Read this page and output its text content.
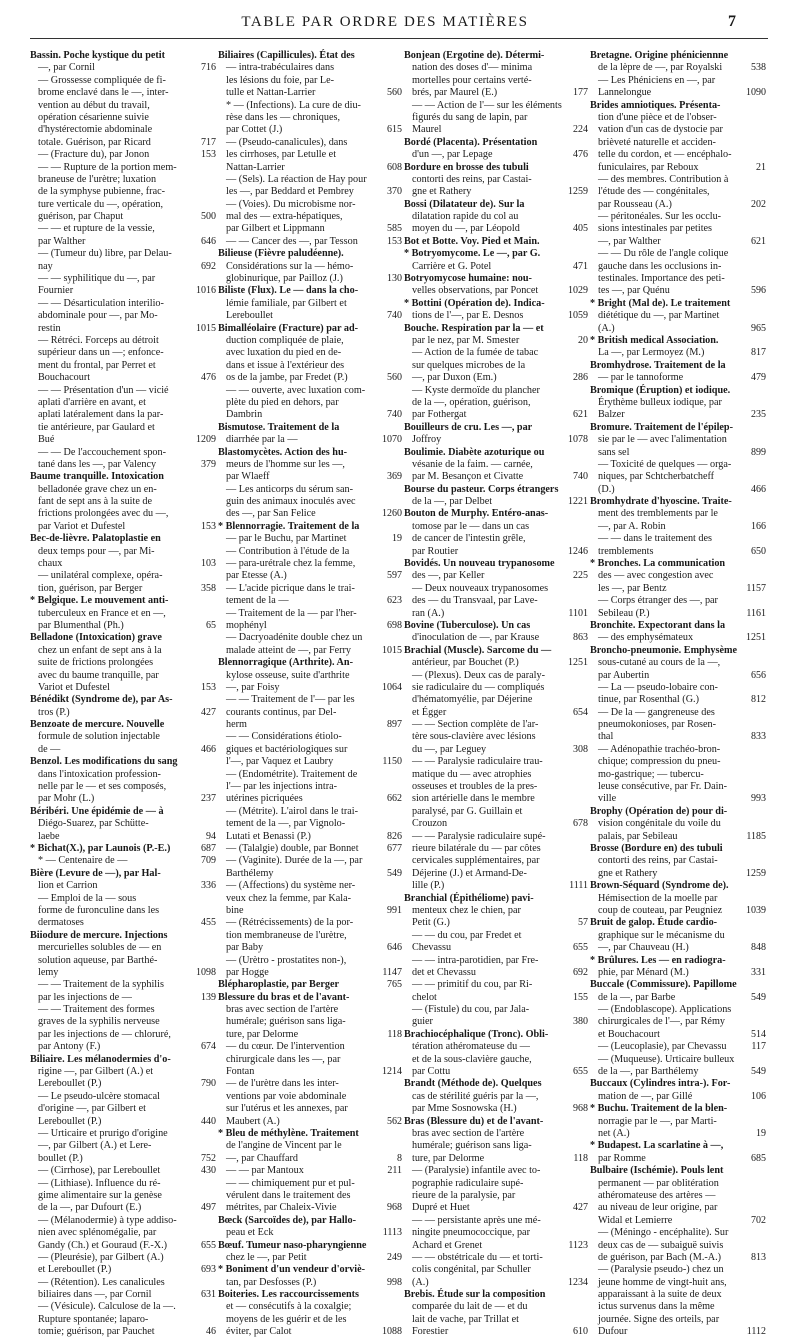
TABLE PAR ORDRE DES MATIÈRES	7
Bassin. Poche kystique du petit
—, par Cornil	716
— Grossesse compliquée de fi-
brome enclavé dans le —, inter-
vention au début du travail,
opération césarienne suivie
d'hystérectomie abdominale
totale. Guérison, par Ricard	717
— (Fracture du), par Jonon	153
— — Rupture de la portion mem-
braneuse de l'urètre; luxation
de la symphyse pubienne, frac-
ture verticale du —, opération,
guérison, par Chaput	500
— — et rupture de la vessie,
par Walther	646
— (Tumeur du) libre, par Delau-
nay	692
— — syphilitique du —, par
Fournier	1016
— — Désarticulation interilio-
abdominale pour —, par Mo-
restin	1015
— Rétréci. Forceps au détroit
supérieur dans un —; enfonce-
ment du frontal, par Perret et
Bouchacourt	476
— — Présentation d'un — vicié
aplati d'arrière en avant, et
aplati latéralement dans la par-
tie antérieure, par Gaulard et
Bué	1209
— — De l'accouchement spon-
tané dans les —, par Valency	379
Baume tranquille. Intoxication
belladonée grave chez un en-
fant de sept ans à la suite de
frictions prolongées avec du —,
par Variot et Dufestel	153
Bec-de-lièvre. Palatoplastie en
deux temps pour —, par Mi-
chaux	103
— unilatéral complexe, opéra-
tion, guérison, par Berger	358
* Belgique. Le mouvement anti-
tuberculeux en France et en —,
par Blumenthal (Ph.)	65
Belladone (Intoxication) grave
chez un enfant de sept ans à la
suite de frictions prolongées
avec du baume tranquille, par
Variot et Dufestel	153
Bénédikt (Syndrome de), par As-
tros (P.)	427
Benzoate de mercure. Nouvelle
formule de solution injectable
de —	466
Benzol. Les modifications du sang
dans l'intoxication profession-
nelle par le — et ses composés,
par Mohr (L.)	237
Béribéri. Une épidémie de — à
Diégo-Suarez, par Schütte-
laebe	94
* Bichat(X.), par Launois (P.-E.)	687
* — Centenaire de —	709
Bière (Levure de —), par Hal-
lion et Carrion	336
— Emploi de la — sous
forme de furonculine dans les
dermatoses	455
Biiodure de mercure. Injections
mercurielles solubles de — en
solution aqueuse, par Barthé-
lemy	1098
— — Traitement de la syphilis
par les injections de —	139
— — Traitement des formes
graves de la syphilis nerveuse
par les injections de — chloruré,
par Antony (F.)	674
Biliaire. Les mélanodermies d'o-
rigine —, par Gilbert (A.) et
Lereboullet (P.)	790
— Le pseudo-ulcère stomacal
d'origine —, par Gilbert et
Lereboullet (P.)	440
— Urticaire et prurigo d'origine
—, par Gilbert (A.) et Lere-
boullet (P.)	752
— (Cirrhose), par Lereboullet	430
— (Lithiase). Influence du ré-
gime alimentaire sur la genèse
de la —, par Dufourt (E.)	497
— (Mélanodermie) à type addiso-
nien avec splénomégalie, par
Gandy (Ch.) et Gouraud (F.-X.)	655
— (Pleurésie), par Gilbert (A.)
et Lereboullet (P.)	693
— (Rétention). Les canalicules
biliaires dans —, par Cornil	631
— (Vésicule). Calculose de la —.
Rupture spontanée; laparo-
tomie; guérison, par Pauchet	46
Biliaires (Capillicules). État des
— intra-trabéculaires dans
les lésions du foie, par Le-
tulle et Nattan-Larrier	560
* — (Infections). La cure de diu-
rèse dans les — chroniques,
par Cottet (J.)	615
— (Pseudo-canalicules), dans
les cirrhoses, par Letulle et
Nattan-Larrier	608
— (Sels). La réaction de Hay pour
les —, par Beddard et Pembrey	370
— (Voies). Du microbisme nor-
mal des — extra-hépatiques,
par Gilbert et Lippmann	585
— — Cancer des —, par Tesson	153
Bilieuse (Fièvre paludéenne).
Considérations sur la — hémo-
globinurique, par Pailloz (J.)	130
Biliste (Flux). Le — dans la cho-
lémie familiale, par Gilbert et
Lereboullet	740
Bimalléolaire (Fracture) par ad-
duction compliquée de plaie,
avec luxation du pied en de-
dans et issue à l'extérieur des
os de la jambe, par Fredet (P.)	560
— — ouverte, avec luxation com-
plète du pied en dehors, par
Dambrin	740
Bismutose. Traitement de la
diarrhée par la —	1070
Blastomycètes. Action des hu-
meurs de l'homme sur les —,
par Wlaeff	369
— Les anticorps du sérum san-
guin des animaux inoculés avec
des —, par San Felice	1260
* Blennorragie. Traitement de la
— par le Buchu, par Martinet	19
— Contribution à l'étude de la
— para-urétrale chez la femme,
par Etesse (A.)	597
— L'acide picrique dans le trai-
tement de la —	623
— Traitement de la — par l'her-
mophényl	698
— Dacryoadénite double chez un
malade atteint de —, par Ferry	1015
Blennorragique (Arthrite). An-
kylose osseuse, suite d'arthrite
—, par Foisy	1064
— — Traitement de l'— par les
courants continus, par Del-
herm	897
— — Considérations étiolo-
giques et bactériologiques sur
l'—, par Vaquez et Laubry	1150
— (Endométrite). Traitement de
l'— par les injections intra-
utérines picriquées	662
— (Métrite). L'airol dans le trai-
tement de la —, par Vignolo-
Lutati et Benassi (P.)	826
— (Talalgie) double, par Bonnet	677
— (Vaginite). Durée de la —, par
Barthélemy	549
— (Affections) du système ner-
veux chez la femme, par Kala-
bine	991
— (Rétrécissements) de la por-
tion membraneuse de l'urètre,
par Baby	646
— (Urètro - prostatites non-),
par Hogge	1147
Blépharoplastie, par Berger	765
Blessure du bras et de l'avant-
bras avec section de l'artère
humérale; guérison sans liga-
ture, par Delorme	118
— du cœur. De l'intervention
chirurgicale dans les —, par
Fontan	1214
— de l'urètre dans les inter-
ventions par voie abdominale
sur l'utérus et les annexes, par
Maubert (A.)	562
* Bleu de méthylène. Traitement
de l'angine de Vincent par le
—, par Chauffard	8
— — par Mantoux	211
— — chimiquement pur et pul-
vérulent dans le traitement des
métrites, par Chaleix-Vivie	968
Bœck (Sarcoïdes de), par Hallo-
peau et Eck	1113
Bœuf. Tumeur naso-pharyngienne
chez le —, par Petit	249
* Boniment d'un vendeur d'orviè-
tan, par Desfosses (P.)	998
Boiteries. Les raccourcissements
et — consécutifs à la coxalgie;
moyens de les guérir et de les
éviter, par Calot	1088
Bonjean (Ergotine de). Détermi-
nation des doses d'— minima
mortelles pour certains verté-
brés, par Maurel (E.)	177
— — Action de l'— sur les éléments
figurés du sang de lapin, par
Maurel	224
Bordé (Placenta). Présentation
d'un —, par Lepage	476
Bordure en brosse des tubuli
contorti des reins, par Castai-
gne et Rathery	1259
Bossi (Dilatateur de). Sur la
dilatation rapide du col au
moyen du —, par Léopold	405
Bot et Botte. Voy. Pied et Main.
* Botryomycome. Le —, par G.
Carrière et G. Potel	471
Botryomycose humaine: nou-
velles observations, par Poncet	1029
* Bottini (Opération de). Indica-
tions de l'—, par E. Desnos	1059
Bouche. Respiration par la — et
par le nez, par M. Smester	20
— Action de la fumée de tabac
sur quelques microbes de la
—, par Duxon (Em.)	286
— Kyste dermoïde du plancher
de la —, opération, guérison,
par Fothergat	621
Bouilleurs de cru. Les —, par
Joffroy	1078
Boulimie. Diabète azoturique ou
vésanie de la faim. — carnée,
par M. Besançon et Civatte	740
Bourse du pasteur. Corps étrangers
de la —, par Delbet	1221
Bouton de Murphy. Entéro-anas-
tomose par le — dans un cas
de cancer de l'intestin grêle,
par Routier	1246
Bovidés. Un nouveau trypanosome
des —, par Keller	225
— Deux nouveaux trypanosomes
des — du Transvaal, par Lave-
ran (A.)	1101
Bovine (Tuberculose). Un cas
d'inoculation de —, par Krause	863
Brachial (Muscle). Sarcome du —
antérieur, par Bouchet (P.)	1251
— (Plexus). Deux cas de paraly-
sie radiculaire du — compliqués
d'hématomyélie, par Déjerine
et Égger	654
— — Section complète de l'ar-
tère sous-clavière avec lésions
du —, par Leguey	308
— — Paralysie radiculaire trau-
matique du — avec atrophies
osseuses et troubles de la pres-
sion artérielle dans le membre
paralysé, par G. Guillain et
Crouzon	678
— — Paralysie radiculaire supé-
rieure bilatérale du — par côtes
cervicales supplémentaires, par
Déjerine (J.) et Armand-De-
lille (P.)	1111
Branchial (Épithéliome) pavi-
menteux chez le chien, par
Petit (G.)	57
— — du cou, par Fredet et
Chevassu	655
— — intra-parotidien, par Fre-
det et Chevassu	692
— — primitif du cou, par Ri-
chelot	155
— (Fistule) du cou, par Jala-
guier	380
Brachiocéphalique (Tronc). Obli-
tération athéromateuse du —
et de la sous-clavière gauche,
par Cottu	655
Brandt (Méthode de). Quelques
cas de stérilité guéris par la —,
par Mme Sosnowska (H.)	968
Bras (Blessure du) et de l'avant-
bras avec section de l'artère
humérale; guérison sans liga-
ture, par Delorme	118
— (Paralysie) infantile avec to-
pographie radiculaire supé-
rieure de la paralysie, par
Dupré et Huet	427
— — persistante après une mé-
ningite pneumococcique, par
Achard et Grenet	1123
— — obstétricale du — et torti-
colis congénital, par Schuller
(A.)	1234
Brebis. Étude sur la composition
comparée du lait de — et du
lait de vache, par Trillat et
Forestier	610
Bretagne. Origine phéniciennne
de la lèpre de —, par Royalski	538
— Les Phéniciens en —, par
Lannelongue	1090
Brides amniotiques. Présenta-
tion d'une pièce et de l'obser-
vation d'un cas de dystocie par
brièveté naturelle et acciden-
telle du cordon, et — encéphalo-
funiculaires, par Reboux	21
— des membres. Contribution à
l'étude des — congénitales,
par Rousseau (A.)	202
— péritonéales. Sur les occlu-
sions intestinales par petites
—, par Walther	621
— — Du rôle de l'angle colique
gauche dans les occlusions in-
testinales. Importance des peti-
tes —, par Quénu	596
* Bright (Mal de). Le traitement
diététique du —, par Martinet
(A.)	965
* British medical Association.
La —, par Lermoyez (M.)	817
Bromhydrose. Traitement de la
— par le tannoforme	479
Bromique (Éruption) et iodique.
Érythème bulleux iodique, par
Balzer	235
Bromure. Traitement de l'épilep-
sie par le — avec l'alimentation
sans sel	899
— Toxicité de quelques — orga-
niques, par Schtcherbatcheff
(D.)	466
Bromhydrate d'hyoscine. Traite-
ment des tremblements par le
—, par A. Robin	166
— — dans le traitement des
tremblements	650
* Bronches. La communication
des — avec congestion avec
les —, par Bentz	1157
— Corps étranger des —, par
Sebileau (P.)	1161
Bronchite. Expectorant dans la
— des emphysémateux	1251
Broncho-pneumonie. Emphysème
sous-cutané au cours de la —,
par Aubertin	656
— La — pseudo-lobaire con-
tinue, par Rosenthal (G.)	812
— De la — gangreneuse des
pneumokonioses, par Rosen-
thal	833
— Adénopathie trachéo-bron-
chique; compression du pneu-
mo-gastrique; — tubercu-
leuse consécutive, par Fr. Dain-
ville	993
Brophy (Opération de) pour di-
vision congénitale du voile du
palais, par Sebileau	1185
Brosse (Bordure en) des tubuli
contorti des reins, par Castai-
gne et Rathery	1259
Brown-Séquard (Syndrome de).
Hémisection de la moelle par
coup de couteau, par Peugniez	1039
Bruit de galop. Étude cardio-
graphique sur le mécanisme du
—, par Chauveau (H.)	848
* Brûlures. Les — en radiogra-
phie, par Ménard (M.)	331
Buccale (Commissure). Papillome
de la —, par Barbe	549
— (Endoblascope). Applications
chirurgicales de l'—, par Rémy
et Bouchacourt	514
— (Leucoplasie), par Chevassu	117
— (Muqueuse). Urticaire bulleux
de la —, par Barthélemy	549
Buccaux (Cylindres intra-). For-
mation de —, par Gillé	106
* Buchu. Traitement de la blen-
norragie par le —, par Marti-
net (A.)	19
* Budapest. La scarlatine à —,
par Romme	685
Bulbaire (Ischémie). Pouls lent
permanent — par oblitération
athéromateuse des artères —
au niveau de leur origine, par
Widal et Lemierre	702
— (Méningo - encéphalite). Sur
deux cas de — subaiguë suivis
de guérison, par Bach (M.-A.)	813
— (Paralysie pseudo-) chez un
jeune homme de vingt-huit ans,
apparaissant à la suite de deux
ictus survenus dans la même
journée. Signe des orteils, par
Dufour	1112
